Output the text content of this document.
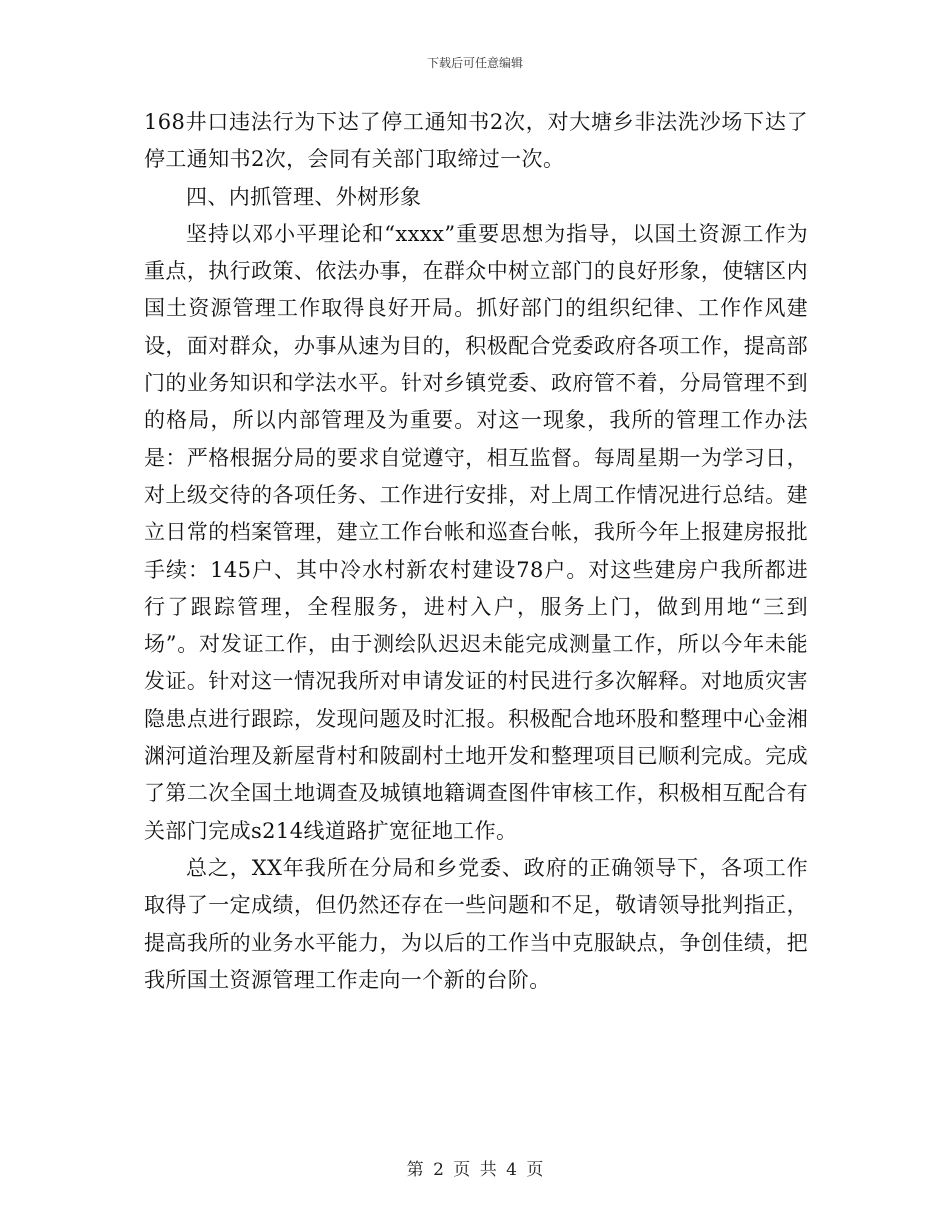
下载后可任意编辑

168井口违法行为下达了停工通知书2次，对大塘乡非法洗沙场下达了停工通知书2次，会同有关部门取缔过一次。

四、内抓管理、外树形象

坚持以邓小平理论和“xxxx”重要思想为指导，以国土资源工作为重点，执行政策、依法办事，在群众中树立部门的良好形象，使辖区内国土资源管理工作取得良好开局。抓好部门的组织纪律、工作作风建设，面对群众，办事从速为目的，积极配合党委政府各项工作，提高部门的业务知识和学法水平。针对乡镇党委、政府管不着，分局管理不到的格局，所以内部管理及为重要。对这一现象，我所的管理工作办法是：严格根据分局的要求自觉遵守，相互监督。每周星期一为学习日，对上级交待的各项任务、工作进行安排，对上周工作情况进行总结。建立日常的档案管理，建立工作台帐和巡查台帐，我所今年上报建房报批手续：145户、其中冷水村新农村建设78户。对这些建房户我所都进行了跟踪管理，全程服务，进村入户，服务上门，做到用地“三到场”。对发证工作，由于测绘队迟迟未能完成测量工作，所以今年未能发证。针对这一情况我所对申请发证的村民进行多次解释。对地质灾害隐患点进行跟踪，发现问题及时汇报。积极配合地环股和整理中心金湘渊河道治理及新屋背村和陂副村土地开发和整理项目已顺利完成。完成了第二次全国土地调查及城镇地籍调查图件审核工作，积极相互配合有关部门完成s214线道路扩宽征地工作。

总之，XX年我所在分局和乡党委、政府的正确领导下，各项工作取得了一定成绩，但仍然还存在一些问题和不足，敬请领导批判指正，提高我所的业务水平能力，为以后的工作当中克服缺点，争创佳绩，把我所国土资源管理工作走向一个新的台阶。

第 2 页 共 4 页
